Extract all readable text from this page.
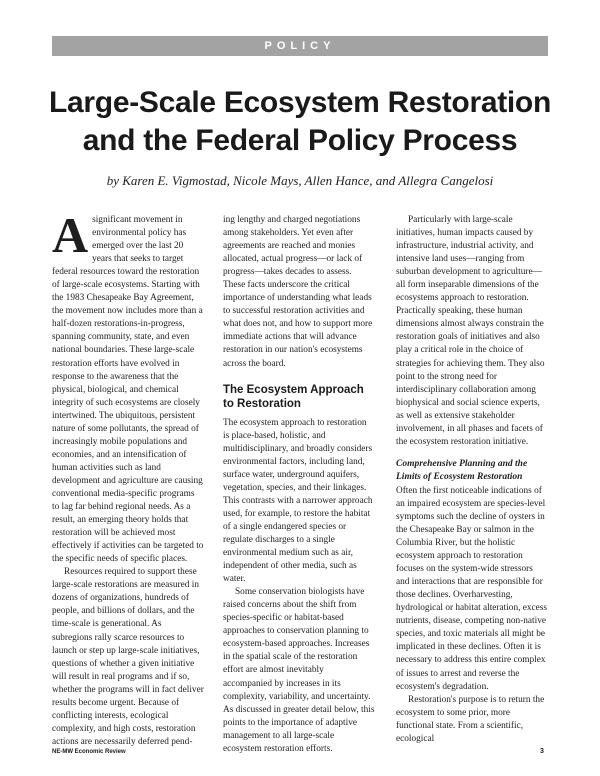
POLICY
Large-Scale Ecosystem Restoration and the Federal Policy Process
by Karen E. Vigmostad, Nicole Mays, Allen Hance, and Allegra Cangelosi

Asignificant movement in environmental policy has emerged over the last 20 years that seeks to target federal resources toward the restoration of large-scale ecosystems. Starting with the 1983 Chesapeake Bay Agreement, the movement now includes more than a half-dozen restorations-in-progress, spanning community, state, and even national boundaries. These large-scale restoration efforts have evolved in response to the awareness that the physical, biological, and chemical integrity of such ecosystems are closely intertwined. The ubiquitous, persistent nature of some pollutants, the spread of increasingly mobile populations and economies, and an intensification of human activities such as land development and agriculture are causing conventional media-specific programs to lag far behind regional needs. As a result, an emerging theory holds that restoration will be achieved most effectively if activities can be targeted to the specific needs of specific places.

Resources required to support these large-scale restorations are measured in dozens of organizations, hundreds of people, and billions of dollars, and the time-scale is generational. As subregions rally scarce resources to launch or step up large-scale initiatives, questions of whether a given initiative will result in real programs and if so, whether the programs will in fact deliver results become urgent. Because of conflicting interests, ecological complexity, and high costs, restoration actions are necessarily deferred pend-

ing lengthy and charged negotiations among stakeholders. Yet even after agreements are reached and monies allocated, actual progress—or lack of progress—takes decades to assess. These facts underscore the critical importance of understanding what leads to successful restoration activities and what does not, and how to support more immediate actions that will advance restoration in our nation's ecosystems across the board.

The Ecosystem Approach to Restoration

The ecosystem approach to restoration is place-based, holistic, and multidisciplinary, and broadly considers environmental factors, including land, surface water, underground aquifers, vegetation, species, and their linkages. This contrasts with a narrower approach used, for example, to restore the habitat of a single endangered species or regulate discharges to a single environmental medium such as air, independent of other media, such as water.

Some conservation biologists have raised concerns about the shift from species-specific or habitat-based approaches to conservation planning to ecosystem-based approaches. Increases in the spatial scale of the restoration effort are almost inevitably accompanied by increases in its complexity, variability, and uncertainty. As discussed in greater detail below, this points to the importance of adaptive management to all large-scale ecosystem restoration efforts.

Particularly with large-scale initiatives, human impacts caused by infrastructure, industrial activity, and intensive land uses—ranging from suburban development to agriculture—all form inseparable dimensions of the ecosystems approach to restoration. Practically speaking, these human dimensions almost always constrain the restoration goals of initiatives and also play a critical role in the choice of strategies for achieving them. They also point to the strong need for interdisciplinary collaboration among biophysical and social science experts, as well as extensive stakeholder involvement, in all phases and facets of the ecosystem restoration initiative.

Comprehensive Planning and the Limits of Ecosystem Restoration

Often the first noticeable indications of an impaired ecosystem are species-level symptoms such the decline of oysters in the Chesapeake Bay or salmon in the Columbia River, but the holistic ecosystem approach to restoration focuses on the system-wide stressors and interactions that are responsible for those declines. Overharvesting, hydrological or habitat alteration, excess nutrients, disease, competing non-native species, and toxic materials all might be implicated in these declines. Often it is necessary to address this entire complex of issues to arrest and reverse the ecosystem's degradation.

Restoration's purpose is to return the ecosystem to some prior, more functional state. From a scientific, ecological

NE-MW Economic Review	3
